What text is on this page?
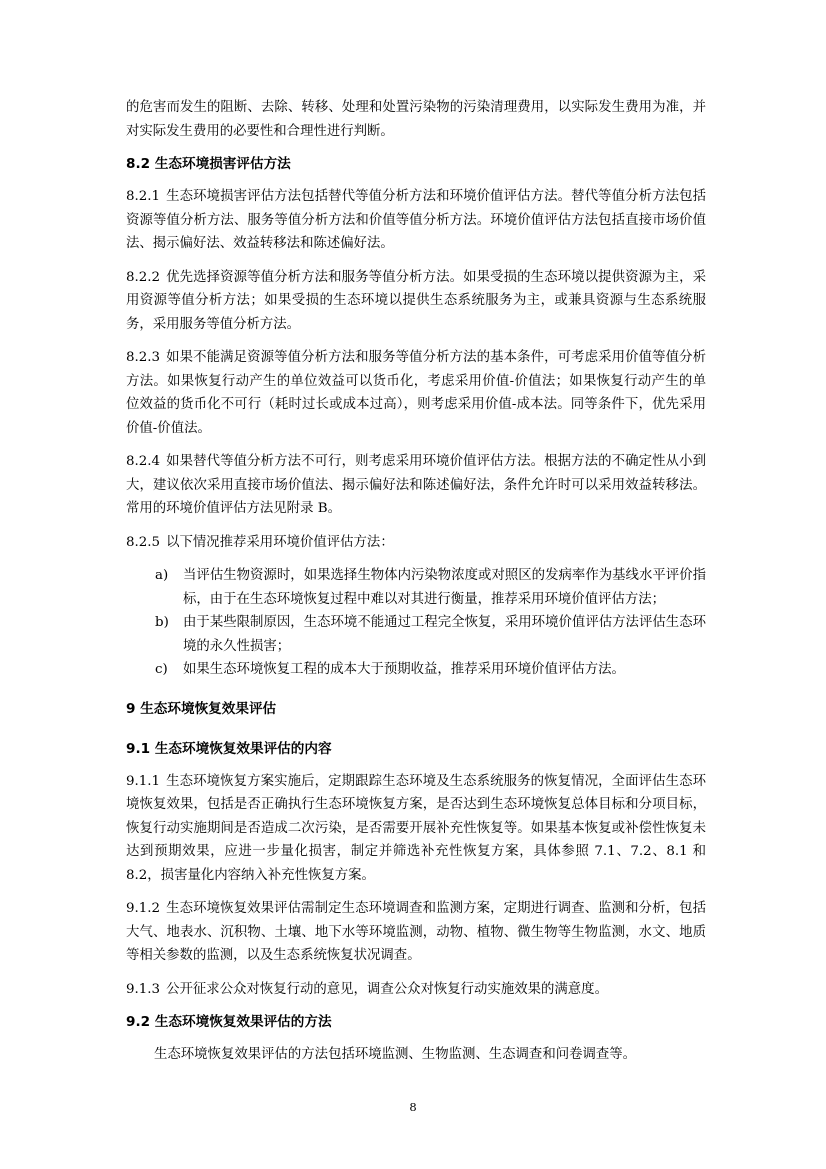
的危害而发生的阻断、去除、转移、处理和处置污染物的污染清理费用，以实际发生费用为准，并对实际发生费用的必要性和合理性进行判断。

8.2 生态环境损害评估方法

8.2.1 生态环境损害评估方法包括替代等值分析方法和环境价值评估方法。替代等值分析方法包括资源等值分析方法、服务等值分析方法和价值等值分析方法。环境价值评估方法包括直接市场价值法、揭示偏好法、效益转移法和陈述偏好法。

8.2.2 优先选择资源等值分析方法和服务等值分析方法。如果受损的生态环境以提供资源为主，采用资源等值分析方法；如果受损的生态环境以提供生态系统服务为主，或兼具资源与生态系统服务，采用服务等值分析方法。

8.2.3 如果不能满足资源等值分析方法和服务等值分析方法的基本条件，可考虑采用价值等值分析方法。如果恢复行动产生的单位效益可以货币化，考虑采用价值-价值法；如果恢复行动产生的单位效益的货币化不可行（耗时过长或成本过高），则考虑采用价值-成本法。同等条件下，优先采用价值-价值法。

8.2.4 如果替代等值分析方法不可行，则考虑采用环境价值评估方法。根据方法的不确定性从小到大，建议依次采用直接市场价值法、揭示偏好法和陈述偏好法，条件允许时可以采用效益转移法。常用的环境价值评估方法见附录 B。

8.2.5 以下情况推荐采用环境价值评估方法：

a) 当评估生物资源时，如果选择生物体内污染物浓度或对照区的发病率作为基线水平评价指标，由于在生态环境恢复过程中难以对其进行衡量，推荐采用环境价值评估方法；
b) 由于某些限制原因，生态环境不能通过工程完全恢复，采用环境价值评估方法评估生态环境的永久性损害；
c) 如果生态环境恢复工程的成本大于预期收益，推荐采用环境价值评估方法。
9 生态环境恢复效果评估
9.1 生态环境恢复效果评估的内容

9.1.1 生态环境恢复方案实施后，定期跟踪生态环境及生态系统服务的恢复情况，全面评估生态环境恢复效果，包括是否正确执行生态环境恢复方案，是否达到生态环境恢复总体目标和分项目标，恢复行动实施期间是否造成二次污染，是否需要开展补充性恢复等。如果基本恢复或补偿性恢复未达到预期效果，应进一步量化损害，制定并筛选补充性恢复方案，具体参照 7.1、7.2、8.1 和 8.2，损害量化内容纳入补充性恢复方案。

9.1.2 生态环境恢复效果评估需制定生态环境调查和监测方案，定期进行调查、监测和分析，包括大气、地表水、沉积物、土壤、地下水等环境监测，动物、植物、微生物等生物监测，水文、地质等相关参数的监测，以及生态系统恢复状况调查。

9.1.3 公开征求公众对恢复行动的意见，调查公众对恢复行动实施效果的满意度。

9.2 生态环境恢复效果评估的方法

生态环境恢复效果评估的方法包括环境监测、生物监测、生态调查和问卷调查等。

8
